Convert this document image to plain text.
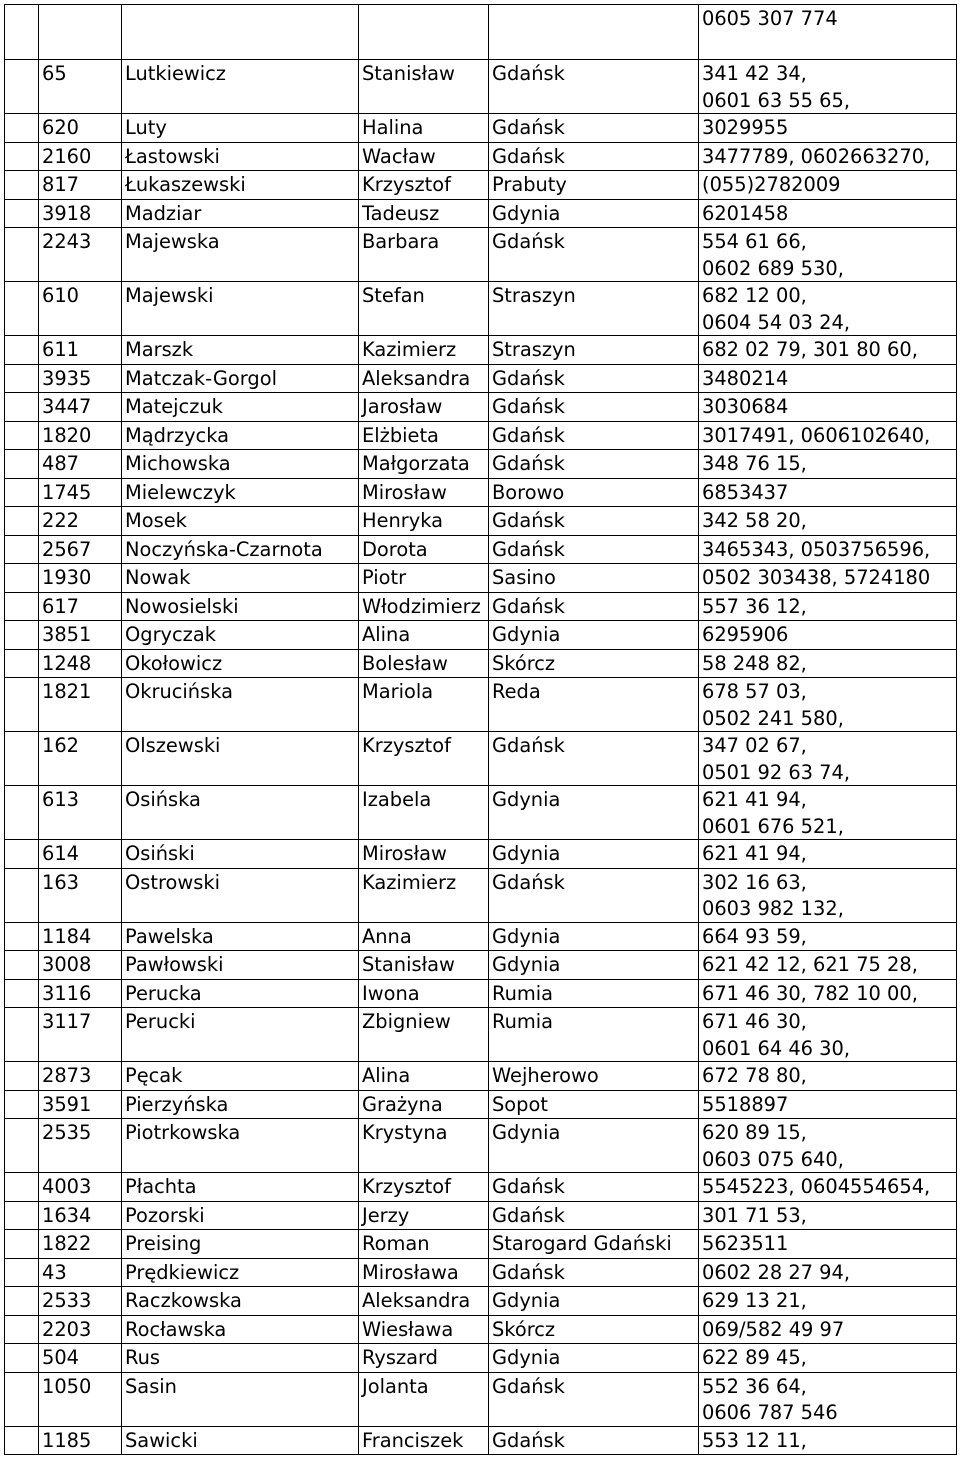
					0605 307 774

	65	Lutkiewicz	Stanisław	Gdańsk	341 42 34,
0601 63 55 65,

	620	Luty	Halina	Gdańsk	3029955

	2160	Łastowski	Wacław	Gdańsk	3477789, 0602663270,

	817	Łukaszewski	Krzysztof	Prabuty	(055)2782009

	3918	Madziar	Tadeusz	Gdynia	6201458

	2243	Majewska	Barbara	Gdańsk	554 61 66,
0602 689 530,

	610	Majewski	Stefan	Straszyn	682 12 00,
0604 54 03 24,

	611	Marszk	Kazimierz	Straszyn	682 02 79, 301 80 60,

	3935	Matczak-Gorgol	Aleksandra	Gdańsk	3480214

	3447	Matejczuk	Jarosław	Gdańsk	3030684

	1820	Mądrzycka	Elżbieta	Gdańsk	3017491, 0606102640,

	487	Michowska	Małgorzata	Gdańsk	348 76 15,

	1745	Mielewczyk	Mirosław	Borowo	6853437

	222	Mosek	Henryka	Gdańsk	342 58 20,

	2567	Noczyńska-Czarnota	Dorota	Gdańsk	3465343, 0503756596,

	1930	Nowak	Piotr	Sasino	0502 303438, 5724180

	617	Nowosielski	Włodzimierz	Gdańsk	557 36 12,

	3851	Ogryczak	Alina	Gdynia	6295906

	1248	Okołowicz	Bolesław	Skórcz	58 248 82,

	1821	Okrucińska	Mariola	Reda	678 57 03,
0502 241 580,

	162	Olszewski	Krzysztof	Gdańsk	347 02 67,
0501 92 63 74,

	613	Osińska	Izabela	Gdynia	621 41 94,
0601 676 521,

	614	Osiński	Mirosław	Gdynia	621 41 94,

	163	Ostrowski	Kazimierz	Gdańsk	302 16 63,
0603 982 132,

	1184	Pawelska	Anna	Gdynia	664 93 59,

	3008	Pawłowski	Stanisław	Gdynia	621 42 12, 621 75 28,

	3116	Perucka	Iwona	Rumia	671 46 30, 782 10 00,

	3117	Perucki	Zbigniew	Rumia	671 46 30,
0601 64 46 30,

	2873	Pęcak	Alina	Wejherowo	672 78 80,

	3591	Pierzyńska	Grażyna	Sopot	5518897

	2535	Piotrkowska	Krystyna	Gdynia	620 89 15,
0603 075 640,

	4003	Płachta	Krzysztof	Gdańsk	5545223, 0604554654,

	1634	Pozorski	Jerzy	Gdańsk	301 71 53,

	1822	Preising	Roman	Starogard Gdański	5623511

	43	Prędkiewicz	Mirosława	Gdańsk	0602 28 27 94,

	2533	Raczkowska	Aleksandra	Gdynia	629 13 21,

	2203	Rocławska	Wiesława	Skórcz	069/582 49 97

	504	Rus	Ryszard	Gdynia	622 89 45,

	1050	Sasin	Jolanta	Gdańsk	552 36 64,
0606 787 546

	1185	Sawicki	Franciszek	Gdańsk	553 12 11,
